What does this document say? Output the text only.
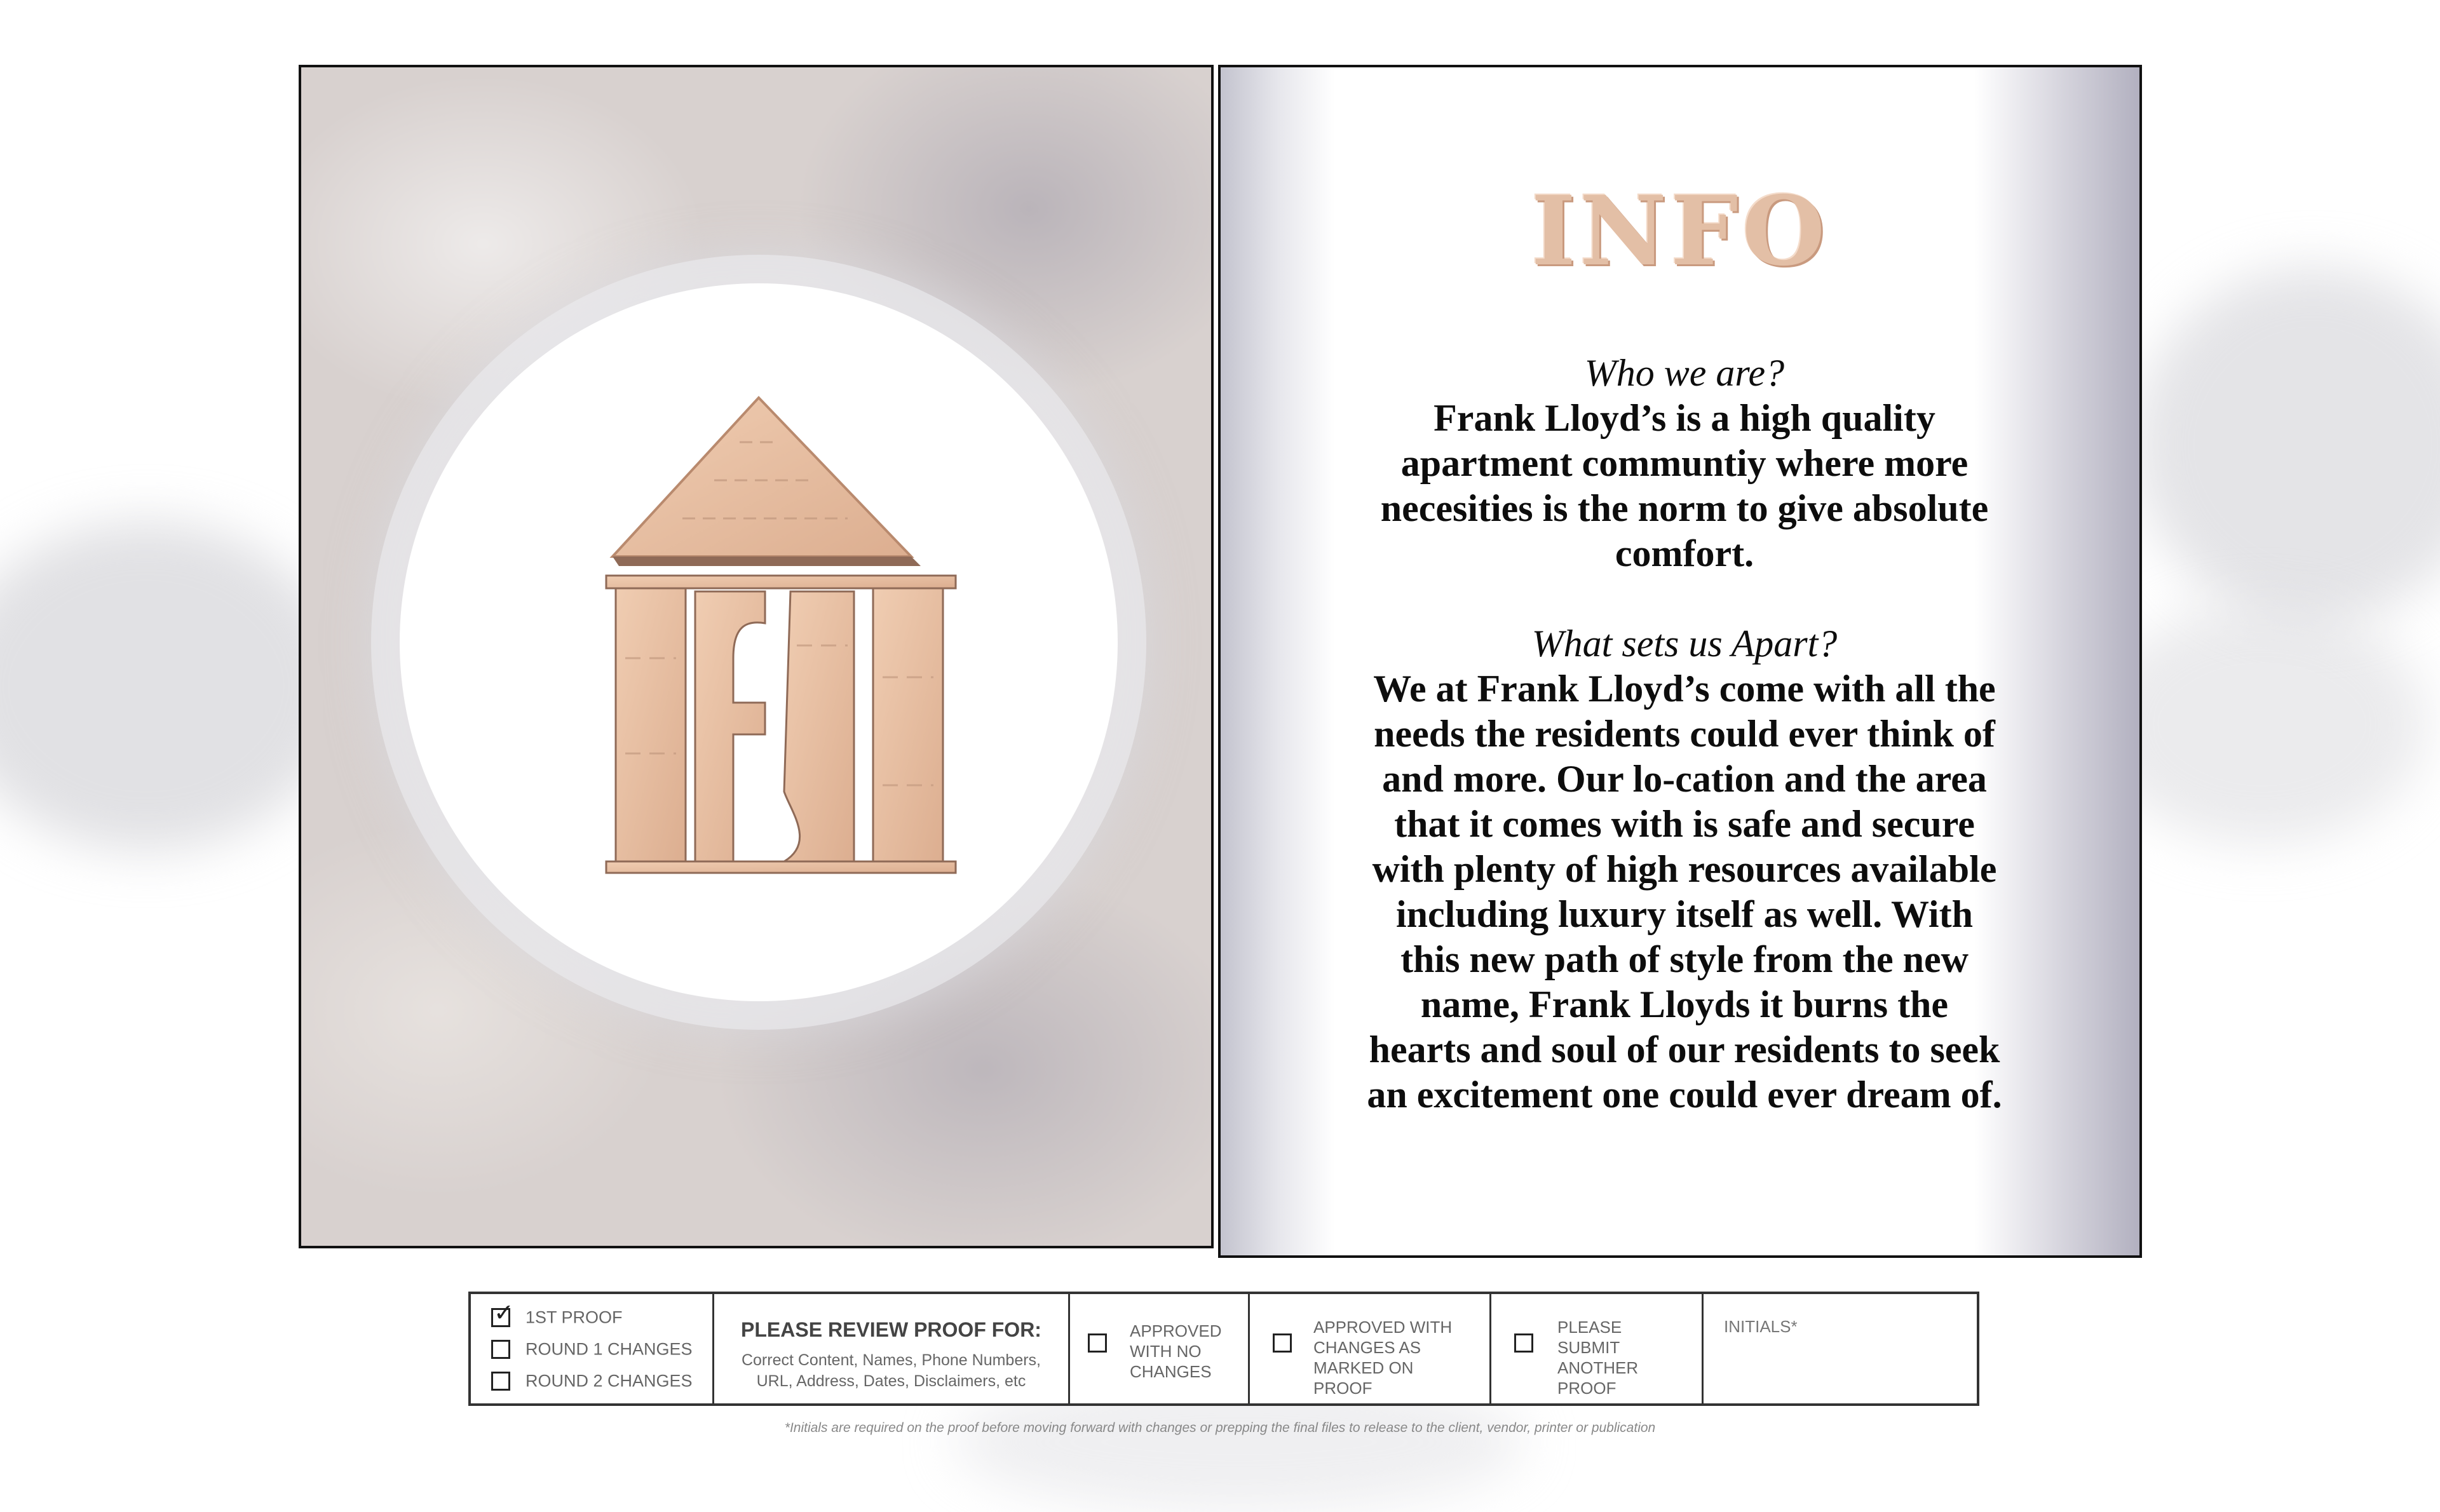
INFO
Who we are?
Frank Lloyd’s is a high quality apartment communtiy where more necesities is the norm to give absolute comfort.
What sets us Apart?
We at Frank Lloyd’s come with all the needs the residents could ever think of and more. Our lo-cation and the area that it comes with is safe and secure with plenty of high resources available including luxury itself as well. With this new path of style from the new name, Frank Lloyds it burns the hearts and soul of our residents to seek an excitement one could ever dream of.
✓ 1ST PROOF
ROUND 1 CHANGES
ROUND 2 CHANGES
PLEASE REVIEW PROOF FOR:
Correct Content, Names, Phone Numbers,
URL, Address, Dates, Disclaimers, etc
APPROVED
WITH NO
CHANGES
APPROVED WITH
CHANGES AS
MARKED ON
PROOF
PLEASE
SUBMIT
ANOTHER
PROOF
INITIALS*
*Initials are required on the proof before moving forward with changes or prepping the final files to release to the client, vendor, printer or publication
